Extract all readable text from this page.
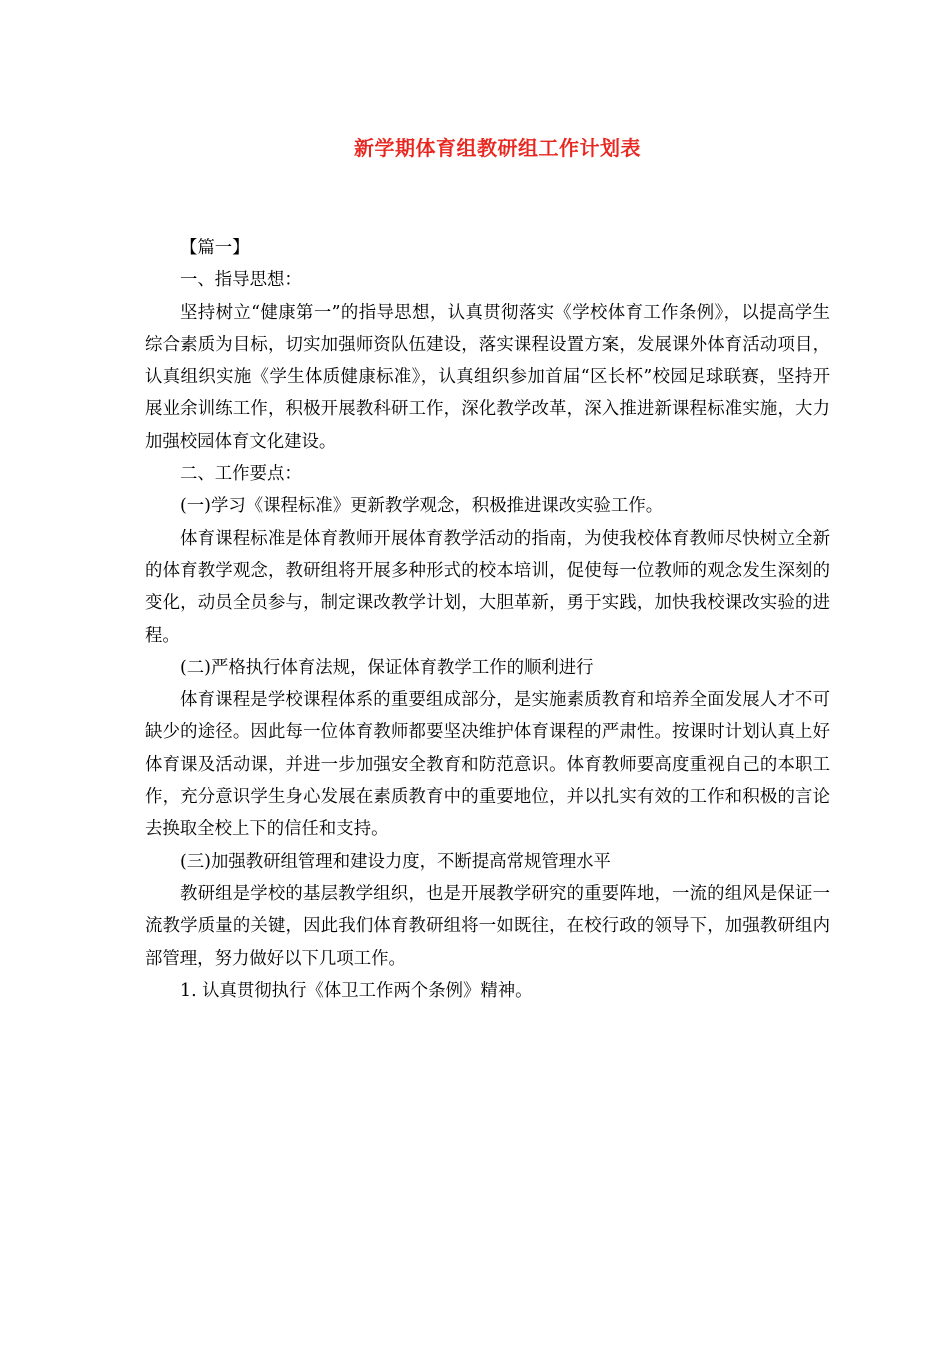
新学期体育组教研组工作计划表

【篇一】

一、指导思想：

坚持树立“健康第一”的指导思想，认真贯彻落实《学校体育工作条例》，以提高学生综合素质为目标，切实加强师资队伍建设，落实课程设置方案，发展课外体育活动项目，认真组织实施《学生体质健康标准》，认真组织参加首届“区长杯”校园足球联赛，坚持开展业余训练工作，积极开展教科研工作，深化教学改革，深入推进新课程标准实施，大力加强校园体育文化建设。

二、工作要点：

(一)学习《课程标准》更新教学观念，积极推进课改实验工作。

体育课程标准是体育教师开展体育教学活动的指南，为使我校体育教师尽快树立全新的体育教学观念，教研组将开展多种形式的校本培训，促使每一位教师的观念发生深刻的变化，动员全员参与，制定课改教学计划，大胆革新，勇于实践，加快我校课改实验的进程。

(二)严格执行体育法规，保证体育教学工作的顺利进行

体育课程是学校课程体系的重要组成部分，是实施素质教育和培养全面发展人才不可缺少的途径。因此每一位体育教师都要坚决维护体育课程的严肃性。按课时计划认真上好体育课及活动课，并进一步加强安全教育和防范意识。体育教师要高度重视自己的本职工作，充分意识学生身心发展在素质教育中的重要地位，并以扎实有效的工作和积极的言论去换取全校上下的信任和支持。

(三)加强教研组管理和建设力度，不断提高常规管理水平

教研组是学校的基层教学组织，也是开展教学研究的重要阵地，一流的组风是保证一流教学质量的关键，因此我们体育教研组将一如既往，在校行政的领导下，加强教研组内部管理，努力做好以下几项工作。

1. 认真贯彻执行《体卫工作两个条例》精神。
